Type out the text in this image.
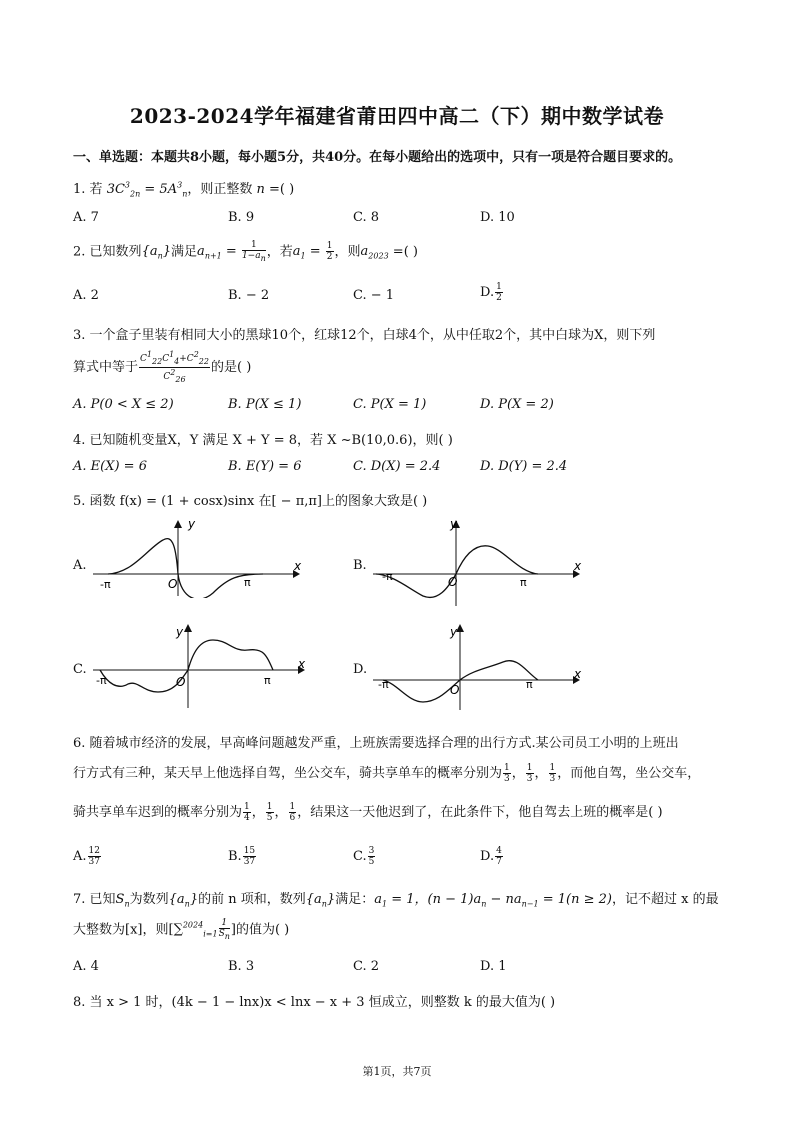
2023-2024学年福建省莆田四中高二（下）期中数学试卷
一、单选题：本题共8小题，每小题5分，共40分。在每小题给出的选项中，只有一项是符合题目要求的。
1. 若 $3C^3_{2n} = 5A^3_n$，则正整数 n =( )
A. 7	B. 9	C. 8	D. 10
2. 已知数列$\{a_n\}$满足$a_{n+1} = \frac{1}{1-a_n}$ ，若$a_1 = \frac{1}{2}$ ，则$a_{2023}$ =( )
A. 2	B. − 2	C. − 1	D. $\frac{1}{2}$
3. 一个盒子里装有相同大小的黑球10个，红球12个，白球4个，从中任取2个，其中白球为X，则下列
算式中等于 $\frac{C^1_{22}C^1_4+C^2_{22}}{C^2_{26}}$ 的是( )
A. P(0 < X ≤ 2)	B. P(X ≤ 1)	C. P(X = 1)	D. P(X = 2)
4. 已知随机变量X，Y 满足 X + Y = 8，若 X ~B(10,0.6)，则( )
A. E(X) = 6	B. E(Y) = 6	C. D(X) = 2.4	D. D(Y) = 2.4
5. 函数 f(x) = (1 + cosx)sinx 在[ − π,π]上的图象大致是( )
A.	B.
C.	D.
y
x
O
-π	π
y
x
O
-π	π
y
x
O
-π	π
y
x
O
-π	π
6. 随着城市经济的发展，早高峰问题越发严重，上班族需要选择合理的出行方式.某公司员工小明的上班出
行方式有三种，某天早上他选择自驾，坐公交车，骑共享单车的概率分别为 $\frac{1}{3}$ ， $\frac{1}{3}$ ， $\frac{1}{3}$ ，而他自驾，坐公交车，
骑共享单车迟到的概率分别为 $\frac{1}{4}$ ， $\frac{1}{5}$ ， $\frac{1}{6}$ ，结果这一天他迟到了，在此条件下，他自驾去上班的概率是( )
A. $\frac{12}{37}$	B. $\frac{15}{37}$	C. $\frac{3}{5}$	D. $\frac{4}{7}$
7. 已知$S_n$为数列$\{a_n\}$的前 n 项和，数列$\{a_n\}$满足：$a_1 = 1$，$(n - 1)a_n - na_{n-1} = 1(n \ge 2)$，记不超过 x 的最
大整数为[x]，则[$\sum^{2024}_{i=1} \frac{1}{S_n}$ ]的值为( )
A. 4	B. 3	C. 2	D. 1
8. 当 x > 1 时，(4k − 1 − lnx)x < lnx − x + 3 恒成立，则整数 k 的最大值为( )
第1页，共7页
